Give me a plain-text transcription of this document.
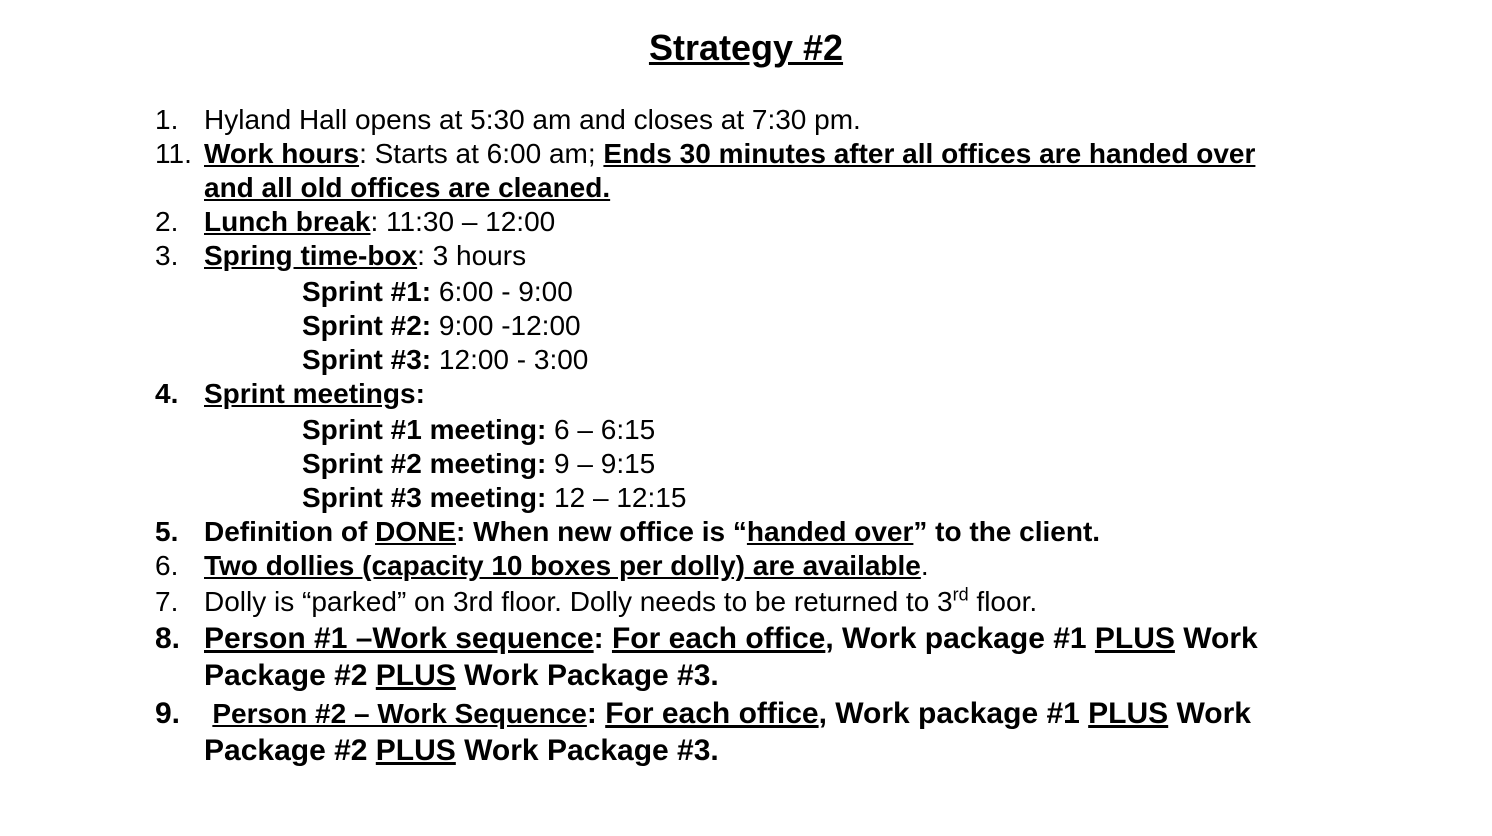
Strategy #2
1. Hyland Hall opens at 5:30 am and closes at 7:30 pm.
11. Work hours: Starts at 6:00 am; Ends 30 minutes after all offices are handed over
and all old offices are cleaned.
2. Lunch break: 11:30 – 12:00
3. Spring time-box: 3 hours
Sprint #1: 6:00 - 9:00
Sprint #2: 9:00 -12:00
Sprint #3: 12:00 - 3:00
4. Sprint meetings:
Sprint #1 meeting: 6 – 6:15
Sprint #2 meeting: 9 – 9:15
Sprint #3 meeting: 12 – 12:15
5. Definition of DONE: When new office is “handed over” to the client.
6. Two dollies (capacity 10 boxes per dolly) are available.
7. Dolly is “parked” on 3rd floor. Dolly needs to be returned to 3rd floor.
8. Person #1 –Work sequence: For each office, Work package #1 PLUS Work
Package #2 PLUS Work Package #3.
9. Person #2 – Work Sequence: For each office, Work package #1 PLUS Work
Package #2 PLUS Work Package #3.
